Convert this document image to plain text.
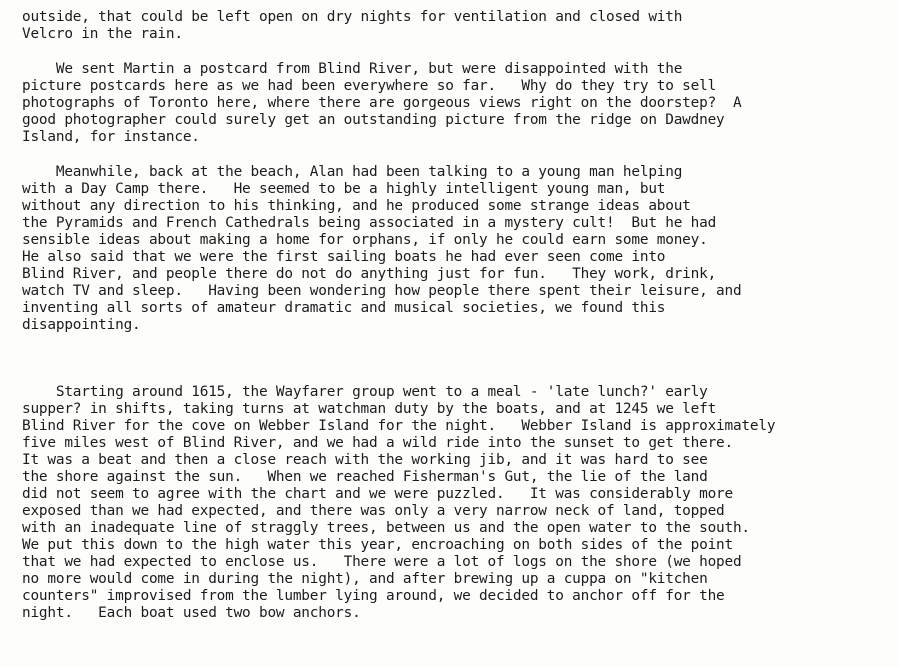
outside, that could be left open on dry nights for ventilation and closed with

Velcro in the rain.

We sent Martin a postcard from Blind River, but were disappointed with the

picture postcards here as we had been everywhere so far.   Why do they try to sell

photographs of Toronto here, where there are gorgeous views right on the doorstep?  A

good photographer could surely get an outstanding picture from the ridge on Dawdney

Island, for instance.

Meanwhile, back at the beach, Alan had been talking to a young man helping

with a Day Camp there.   He seemed to be a highly intelligent young man, but

without any direction to his thinking, and he produced some strange ideas about

the Pyramids and French Cathedrals being associated in a mystery cult!  But he had

sensible ideas about making a home for orphans, if only he could earn some money.

He also said that we were the first sailing boats he had ever seen come into

Blind River, and people there do not do anything just for fun.   They work, drink,

watch TV and sleep.   Having been wondering how people there spent their leisure, and

inventing all sorts of amateur dramatic and musical societies, we found this

disappointing.

Starting around 1615, the Wayfarer group went to a meal - 'late lunch?' early

supper? in shifts, taking turns at watchman duty by the boats, and at 1245 we left

Blind River for the cove on Webber Island for the night.   Webber Island is approximately

five miles west of Blind River, and we had a wild ride into the sunset to get there.

It was a beat and then a close reach with the working jib, and it was hard to see

the shore against the sun.   When we reached Fisherman's Gut, the lie of the land

did not seem to agree with the chart and we were puzzled.   It was considerably more

exposed than we had expected, and there was only a very narrow neck of land, topped

with an inadequate line of straggly trees, between us and the open water to the south.

We put this down to the high water this year, encroaching on both sides of the point

that we had expected to enclose us.   There were a lot of logs on the shore (we hoped

no more would come in during the night), and after brewing up a cuppa on "kitchen

counters" improvised from the lumber lying around, we decided to anchor off for the

night.   Each boat used two bow anchors.
